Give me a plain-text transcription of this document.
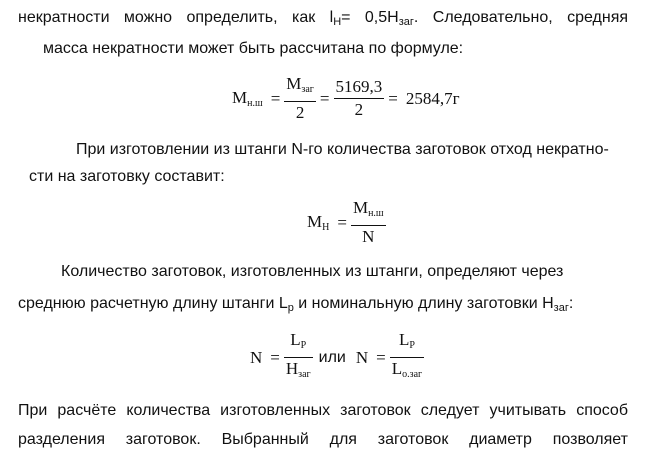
некратности можно определить, как $l_Н= 0,5Н_{заг}$. Следовательно, средняя
масса некратности может быть рассчитана по формуле:
$M_{н.ш} = \frac{M_{заг}}{2} = \frac{5169,3}{2} = 2584,7г$
При изготовлении из штанги N-го количества заготовок отход некратно-
сти на заготовку составит:
$M_Н = \frac{M_{н.ш}}{N}$
Количество заготовок, изготовленных из штанги, определяют через
среднюю расчетную длину штанги $L_р$ и номинальную длину заготовки $Н_{заг}$:
$N = \frac{L_Р}{Н_{заг}}$ или $N = \frac{L_Р}{L_{о.заг}}$
При расчёте количества изготовленных заготовок следует учитывать способ
разделения заготовок. Выбранный для заготовок диаметр позволяет
